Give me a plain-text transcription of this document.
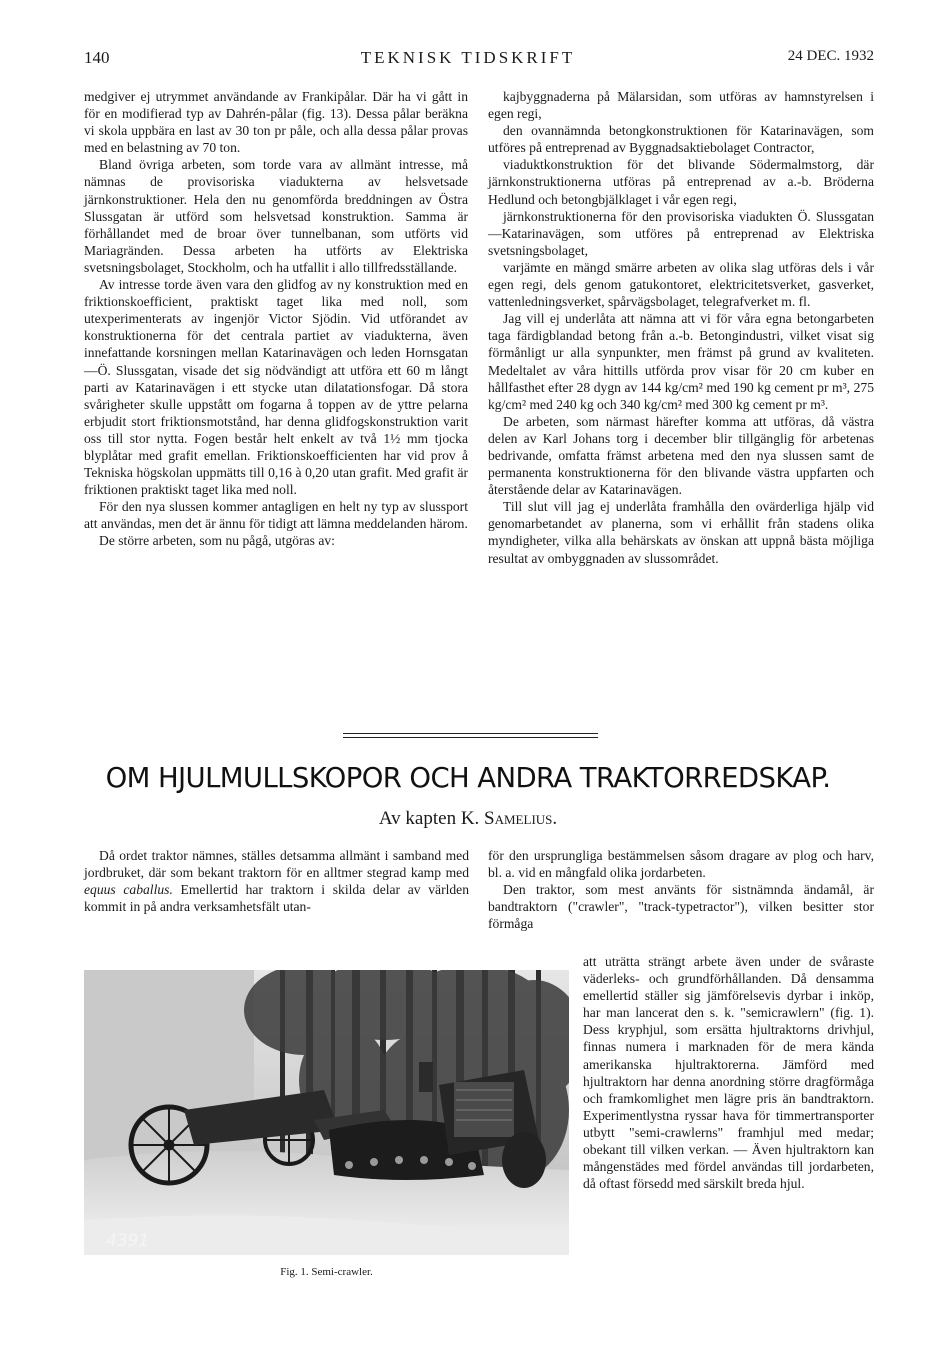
140	TEKNISK TIDSKRIFT	24 DEC. 1932

medgiver ej utrymmet användande av Frankipålar. Där ha vi gått in för en modifierad typ av Dahrén-pålar (fig. 13). Dessa pålar beräkna vi skola uppbära en last av 30 ton pr påle, och alla dessa pålar provas med en belastning av 70 ton.

Bland övriga arbeten, som torde vara av allmänt intresse, må nämnas de provisoriska viadukterna av helsvetsade järnkonstruktioner. Hela den nu genomförda breddningen av Östra Slussgatan är utförd som helsvetsad konstruktion. Samma är förhållandet med de broar över tunnelbanan, som utförts vid Mariagränden. Dessa arbeten ha utförts av Elektriska svetsningsbolaget, Stockholm, och ha utfallit i allo tillfredsställande.

Av intresse torde även vara den glidfog av ny konstruktion med en friktionskoefficient, praktiskt taget lika med noll, som utexperimenterats av ingenjör Victor Sjödin. Vid utförandet av konstruktionerna för det centrala partiet av viadukterna, även innefattande korsningen mellan Katarinavägen och leden Hornsgatan—Ö. Slussgatan, visade det sig nödvändigt att utföra ett 60 m långt parti av Katarinavägen i ett stycke utan dilatationsfogar. Då stora svårigheter skulle uppstått om fogarna å toppen av de yttre pelarna erbjudit stort friktionsmotstånd, har denna glidfogskonstruktion varit oss till stor nytta. Fogen består helt enkelt av två 1½ mm tjocka blyplåtar med grafit emellan. Friktionskoefficienten har vid prov å Tekniska högskolan uppmätts till 0,16 à 0,20 utan grafit. Med grafit är friktionen praktiskt taget lika med noll.

För den nya slussen kommer antagligen en helt ny typ av slussport att användas, men det är ännu för tidigt att lämna meddelanden härom.

De större arbeten, som nu pågå, utgöras av:

kajbyggnaderna på Mälarsidan, som utföras av hamnstyrelsen i egen regi,

den ovannämnda betongkonstruktionen för Katarinavägen, som utföres på entreprenad av Byggnadsaktiebolaget Contractor,

viaduktkonstruktion för det blivande Södermalmstorg, där järnkonstruktionerna utföras på entreprenad av a.-b. Bröderna Hedlund och betongbjälklaget i vår egen regi,

järnkonstruktionerna för den provisoriska viadukten Ö. Slussgatan—Katarinavägen, som utföres på entreprenad av Elektriska svetsningsbolaget,

varjämte en mängd smärre arbeten av olika slag utföras dels i vår egen regi, dels genom gatukontoret, elektricitetsverket, gasverket, vattenledningsverket, spårvägsbolaget, telegrafverket m. fl.

Jag vill ej underlåta att nämna att vi för våra egna betongarbeten taga färdigblandad betong från a.-b. Betongindustri, vilket visat sig förmånligt ur alla synpunkter, men främst på grund av kvaliteten. Medeltalet av våra hittills utförda prov visar för 20 cm kuber en hållfasthet efter 28 dygn av 144 kg/cm² med 190 kg cement pr m³, 275 kg/cm² med 240 kg och 340 kg/cm² med 300 kg cement pr m³.

De arbeten, som närmast härefter komma att utföras, då västra delen av Karl Johans torg i december blir tillgänglig för arbetenas bedrivande, omfatta främst arbetena med den nya slussen samt de permanenta konstruktionerna för den blivande västra uppfarten och återstående delar av Katarinavägen.

Till slut vill jag ej underlåta framhålla den ovärderliga hjälp vid genomarbetandet av planerna, som vi erhållit från stadens olika myndigheter, vilka alla behärskats av önskan att uppnå bästa möjliga resultat av ombyggnaden av slussområdet.

OM HJULMULLSKOPOR OCH ANDRA TRAKTORREDSKAP.
Av kapten K. Samelius.

Då ordet traktor nämnes, ställes detsamma allmänt i samband med jordbruket, där som bekant traktorn för en alltmer stegrad kamp med equus caballus. Emellertid har traktorn i skilda delar av världen kommit in på andra verksamhetsfält utan-

för den ursprungliga bestämmelsen såsom dragare av plog och harv, bl. a. vid en mångfald olika jordarbeten.

Den traktor, som mest använts för sistnämnda ändamål, är bandtraktorn ("crawler", "track-typetractor"), vilken besitter stor förmåga

att uträtta strängt arbete även under de svåraste väderleks- och grundförhållanden. Då densamma emellertid ställer sig jämförelsevis dyrbar i inköp, har man lancerat den s. k. "semicrawlern" (fig. 1). Dess kryphjul, som ersätta hjultraktorns drivhjul, finnas numera i marknaden för de mera kända amerikanska hjultraktorerna. Jämförd med hjultraktorn har denna anordning större dragförmåga och framkomlighet men lägre pris än bandtraktorn. Experimentlystna ryssar hava för timmertransporter utbytt "semi-crawlerns" framhjul med medar; obekant till vilken verkan. — Även hjultraktorn kan mångenstädes med fördel användas till jordarbeten, då oftast försedd med särskilt breda hjul.

4391
Fig. 1. Semi-crawler.
